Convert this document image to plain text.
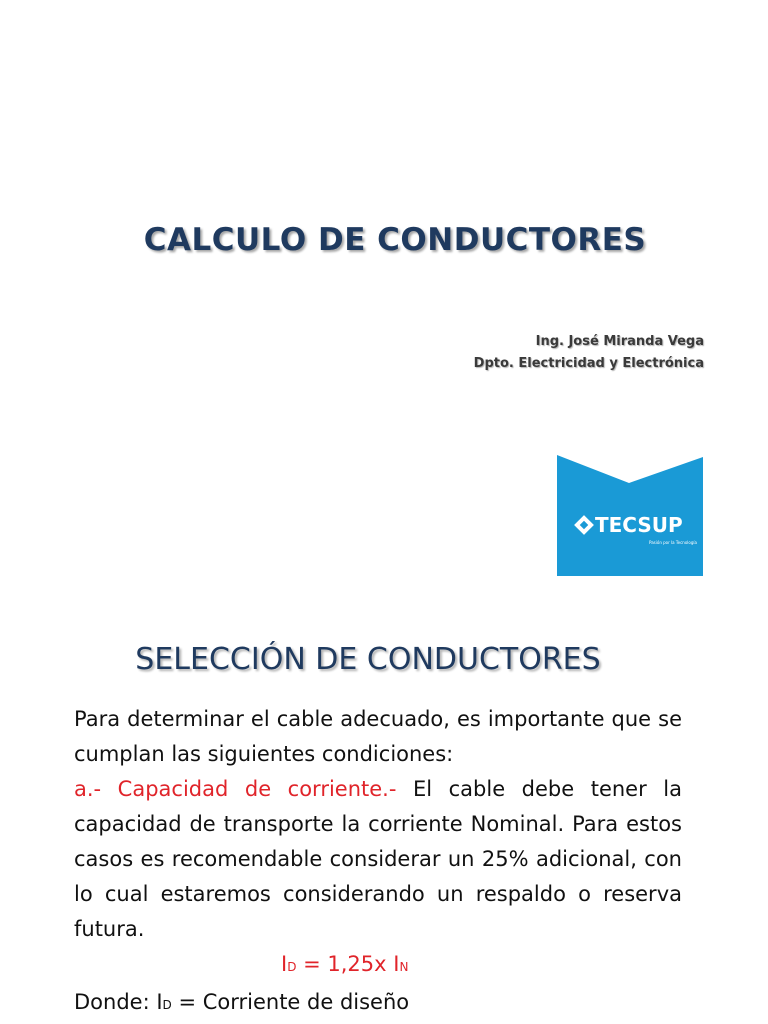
CALCULO DE CONDUCTORES
Ing. José Miranda Vega
Dpto. Electricidad y Electrónica
TECSUP
Pasión por la Tecnología
SELECCIÓN DE CONDUCTORES

Para determinar el cable adecuado, es importante que se cumplan las siguientes condiciones:

a.- Capacidad de corriente.- El cable debe tener la capacidad de transporte la corriente Nominal. Para estos casos es recomendable considerar un 25% adicional, con lo cual estaremos considerando un respaldo o reserva futura.

ID = 1,25x IN

Donde: ID = Corriente de diseño
